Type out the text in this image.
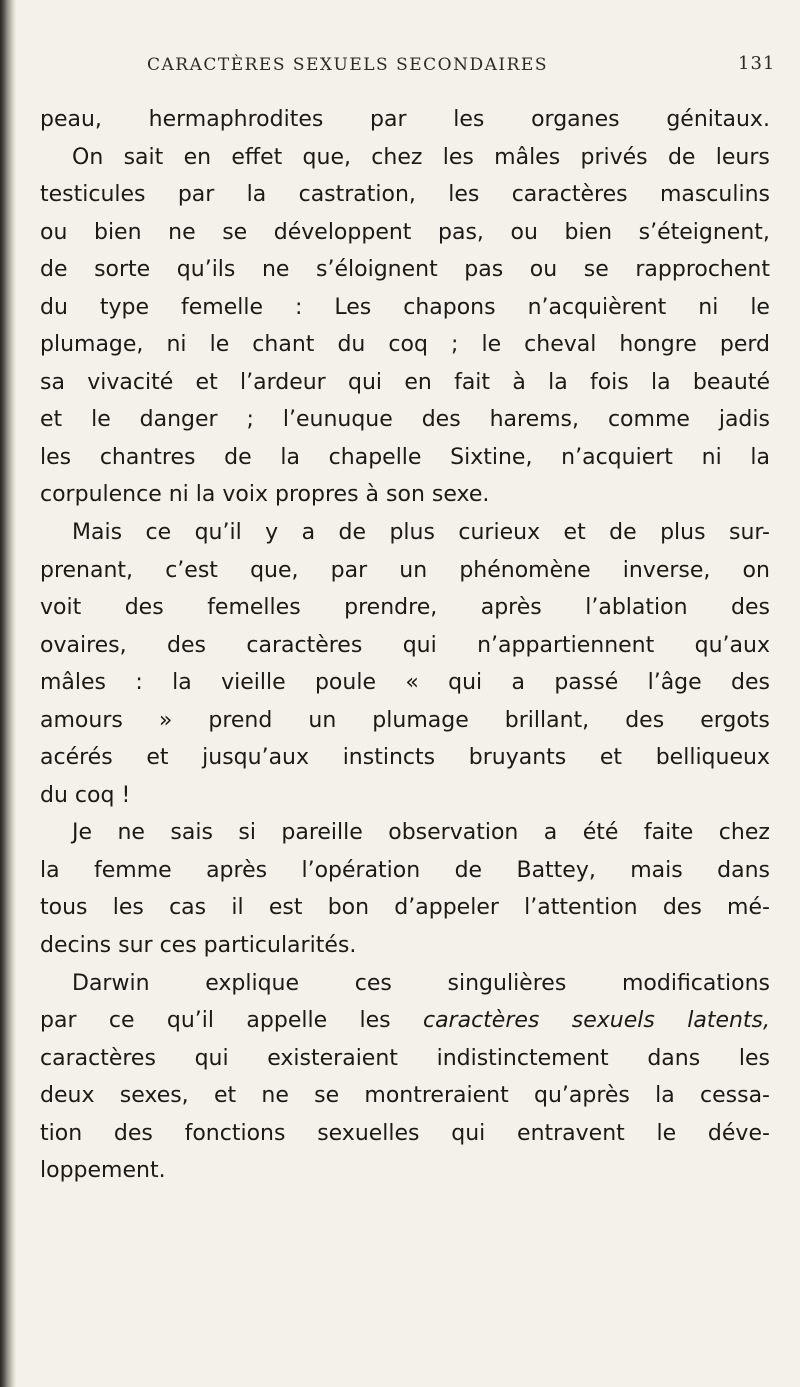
CARACTÈRES SEXUELS SECONDAIRES	131
peau, hermaphrodites par les organes génitaux.
On sait en effet que, chez les mâles privés de leurs
testicules par la castration, les caractères masculins
ou bien ne se développent pas, ou bien s’éteignent,
de sorte qu’ils ne s’éloignent pas ou se rapprochent
du type femelle : Les chapons n’acquièrent ni le
plumage, ni le chant du coq ; le cheval hongre perd
sa vivacité et l’ardeur qui en fait à la fois la beauté
et le danger ; l’eunuque des harems, comme jadis
les chantres de la chapelle Sixtine, n’acquiert ni la
corpulence ni la voix propres à son sexe.
Mais ce qu’il y a de plus curieux et de plus sur-
prenant, c’est que, par un phénomène inverse, on
voit des femelles prendre, après l’ablation des
ovaires, des caractères qui n’appartiennent qu’aux
mâles : la vieille poule « qui a passé l’âge des
amours » prend un plumage brillant, des ergots
acérés et jusqu’aux instincts bruyants et belliqueux
du coq !
Je ne sais si pareille observation a été faite chez
la femme après l’opération de Battey, mais dans
tous les cas il est bon d’appeler l’attention des mé-
decins sur ces particularités.
Darwin	explique	ces	singulières	modifications
par ce qu’il appelle les caractères sexuels latents,
caractères qui existeraient indistinctement dans les
deux sexes, et ne se montreraient qu’après la cessa-
tion des fonctions sexuelles qui entravent le déve-
loppement.
